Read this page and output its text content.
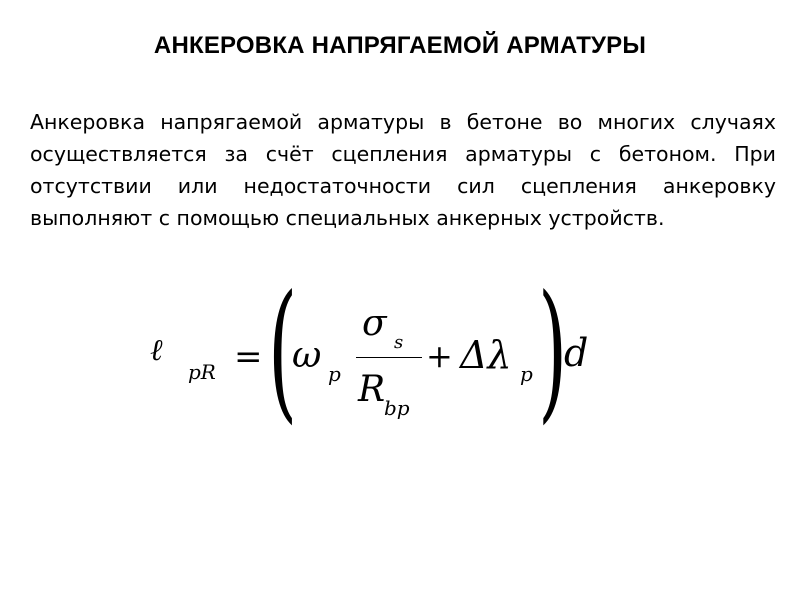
АНКЕРОВКА НАПРЯГАЕМОЙ АРМАТУРЫ

Анкеровка напрягаемой арматуры в бетоне во многих случаях осуществляется за счёт сцепления арматуры с бетоном. При отсутствии или недостаточности сил сцепления анкеровку выполняют с помощью специальных анкерных устройств.

ℓ
pR = (
ω p
σ s
R
bp
+ Δλ p )
d
